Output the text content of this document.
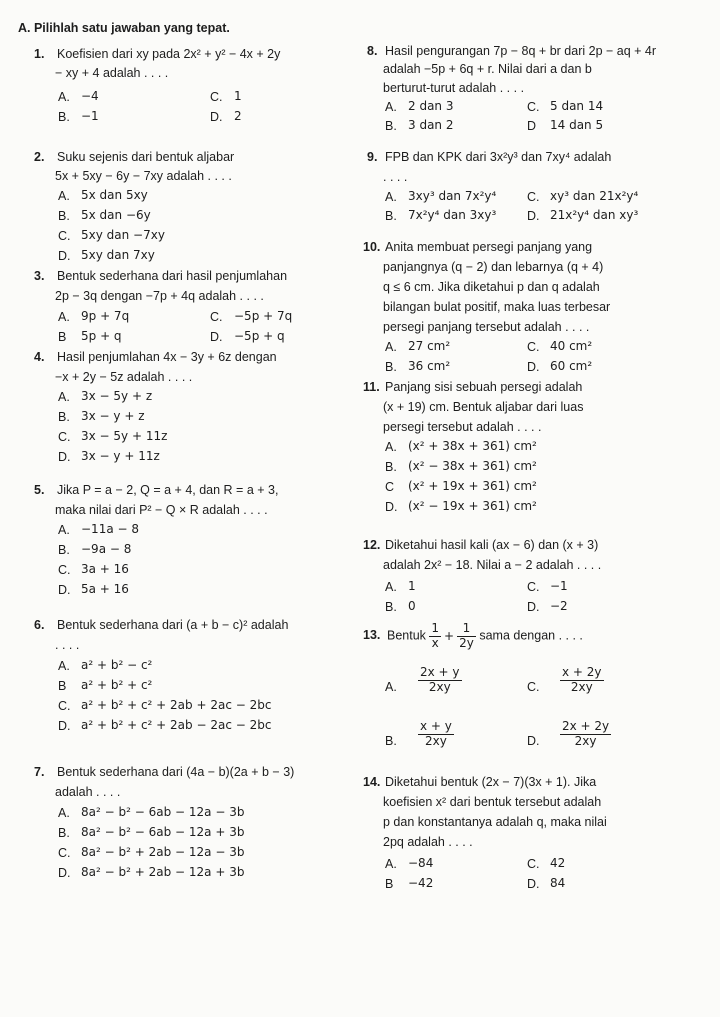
A. Pilihlah satu jawaban yang tepat.
1. Koefisien dari xy pada 2x² + y² − 4x + 2y
− xy + 4 adalah . . . .
A. −4	C. 1
B. −1	D. 2
2. Suku sejenis dari bentuk aljabar
5x + 5xy − 6y − 7xy adalah . . . .
A. 5x dan 5xy
B. 5x dan −6y
C. 5xy dan −7xy
D. 5xy dan 7xy
3. Bentuk sederhana dari hasil penjumlahan
2p − 3q dengan −7p + 4q adalah . . . .
A. 9p + 7q	C. −5p + 7q
B 5p + q	D. −5p + q
4. Hasil penjumlahan 4x − 3y + 6z dengan
−x + 2y − 5z adalah . . . .
A. 3x − 5y + z
B. 3x − y + z
C. 3x − 5y + 11z
D. 3x − y + 11z
5. Jika P = a − 2, Q = a + 4, dan R = a + 3,
maka nilai dari P² − Q × R adalah . . . .
A. −11a − 8
B. −9a − 8
C. 3a + 16
D. 5a + 16
6. Bentuk sederhana dari (a + b − c)² adalah
. . . .
A. a² + b² − c²
B a² + b² + c²
C. a² + b² + c² + 2ab + 2ac − 2bc
D. a² + b² + c² + 2ab − 2ac − 2bc
7. Bentuk sederhana dari (4a − b)(2a + b − 3)
adalah . . . .
A. 8a² − b² − 6ab − 12a − 3b
B. 8a² − b² − 6ab − 12a + 3b
C. 8a² − b² + 2ab − 12a − 3b
D. 8a² − b² + 2ab − 12a + 3b
8. Hasil pengurangan 7p − 8q + br dari 2p − aq + 4r
adalah −5p + 6q + r. Nilai dari a dan b
berturut-turut adalah . . . .
A. 2 dan 3	C. 5 dan 14
B. 3 dan 2	D 14 dan 5
9. FPB dan KPK dari 3x²y³ dan 7xy⁴ adalah
. . . .
A. 3xy³ dan 7x²y⁴ C. xy³ dan 21x²y⁴
B. 7x²y⁴ dan 3xy³ D. 21x²y⁴ dan xy³
10. Anita membuat persegi panjang yang
panjangnya (q − 2) dan lebarnya (q + 4)
q ≤ 6 cm. Jika diketahui p dan q adalah
bilangan bulat positif, maka luas terbesar
persegi panjang tersebut adalah . . . .
A. 27 cm²	C. 40 cm²
B. 36 cm²	D. 60 cm²
11. Panjang sisi sebuah persegi adalah
(x + 19) cm. Bentuk aljabar dari luas
persegi tersebut adalah . . . .
A. (x² + 38x + 361) cm²
B. (x² − 38x + 361) cm²
C (x² + 19x + 361) cm²
D. (x² − 19x + 361) cm²
12. Diketahui hasil kali (ax − 6) dan (x + 3)
adalah 2x² − 18. Nilai a − 2 adalah . . . .
A. 1	C. −1
B. 0	D. −2
13. Bentuk $\frac{1}{x} + \frac{1}{2y}$ sama dengan . . . .
A. $\frac{2x + y}{2xy}$	C. $\frac{x + 2y}{2xy}$
B. $\frac{x + y}{2xy}$	D. $\frac{2x + 2y}{2xy}$
14. Diketahui bentuk (2x − 7)(3x + 1). Jika
koefisien x² dari bentuk tersebut adalah
p dan konstantanya adalah q, maka nilai
2pq adalah . . . .
A. −84	C. 42
B −42	D. 84
